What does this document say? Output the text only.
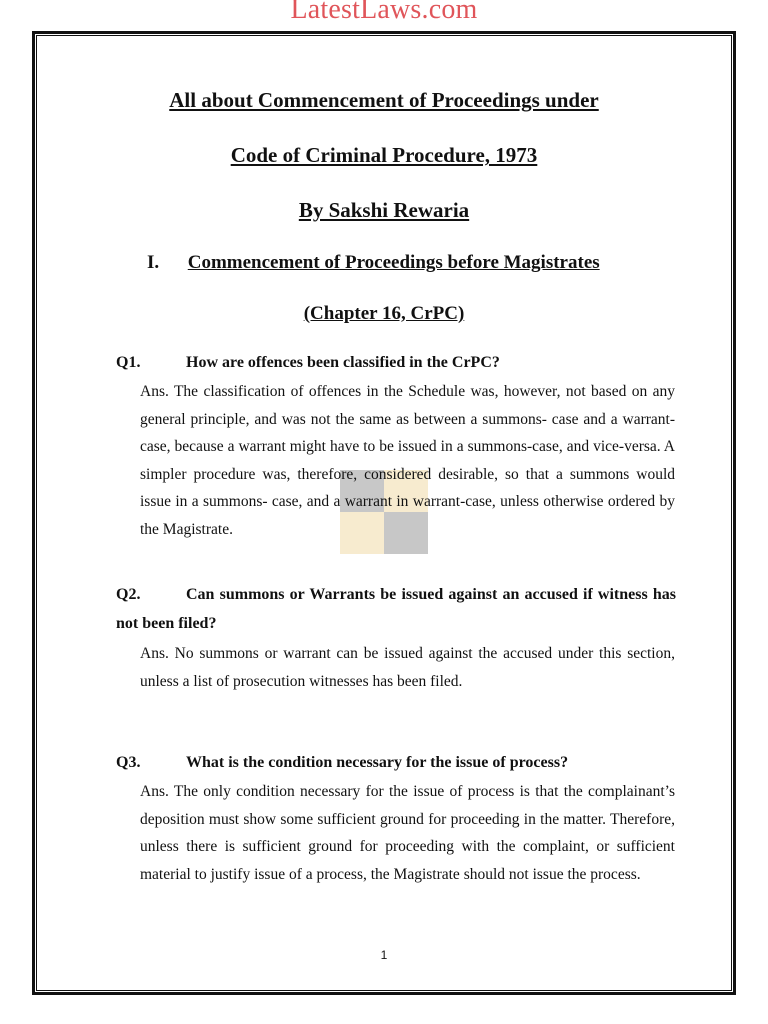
LatestLaws.com
All about Commencement of Proceedings under
Code of Criminal Procedure, 1973
By Sakshi Rewaria
I. Commencement of Proceedings before Magistrates
(Chapter 16, CrPC)
Q1.	How are offences been classified in the CrPC?
Ans. The classification of offences in the Schedule was, however, not based on any general principle, and was not the same as between a summons- case and a warrant-case, because a warrant might have to be issued in a summons-case, and vice-versa. A simpler procedure was, therefore, considered desirable, so that a summons would issue in a summons- case, and a warrant in warrant-case, unless otherwise ordered by the Magistrate.
Q2.	Can summons or Warrants be issued against an accused if witness has not been filed?
Ans. No summons or warrant can be issued against the accused under this section, unless a list of prosecution witnesses has been filed.
Q3.	What is the condition necessary for the issue of process?
Ans. The only condition necessary for the issue of process is that the complainant’s deposition must show some sufficient ground for proceeding in the matter. Therefore, unless there is sufficient ground for proceeding with the complaint, or sufficient material to justify issue of a process, the Magistrate should not issue the process.
1
